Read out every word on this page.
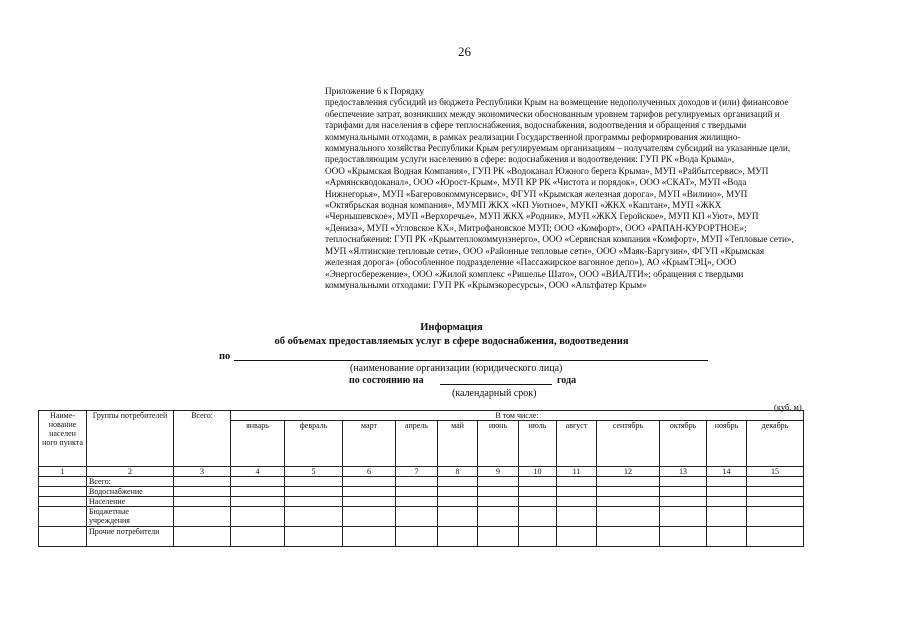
26
Приложение 6 к Порядку
предоставления субсидий из бюджета Республики Крым на возмещение недополученных доходов и (или) финансовое
обеспечение затрат, возникших между экономически обоснованным уровнем тарифов регулируемых организаций и
тарифами для населения в сфере теплоснабжения, водоснабжения, водоотведения и обращения с твердыми
коммунальными отходами, в рамках реализации Государственной программы реформирования жилищно-
коммунального хозяйства Республики Крым регулируемым организациям – получателям субсидий на указанные цели,
предоставляющим услуги населению в сфере: водоснабжения и водоотведения: ГУП РК «Вода Крыма»,
ООО «Крымская Водная Компания», ГУП РК «Водоканал Южного берега Крыма», МУП «Райбытсервис», МУП
«Армянскводоканал», ООО «Юрост-Крым», МУП КР РК «Чистота и порядок», ООО «СКАТ», МУП «Вода
Нижнегорья», МУП «Багеровокоммунсервис», ФГУП «Крымская железная дорога», МУП «Вилино», МУП
«Октябрьская водная компания», МУМП ЖКХ «КП Уютное», МУКП «ЖКХ «Каштан», МУП «ЖКХ
«Чернышевское», МУП «Верхоречье», МУП ЖКХ «Родник», МУП «ЖКХ Геройское», МУП КП «Уют», МУП
«Дениза», МУП «Угловское КХ», Митрофановское МУП; ООО «Комфорт», ООО «РАПАН-КУРОРТНОЕ»;
теплоснабжения: ГУП РК «Крымтеплокоммунэнерго», ООО «Сервисная компания «Комфорт», МУП «Тепловые сети»,
МУП «Ялтинские тепловые сети», ООО «Районные тепловые сети», ООО «Маяк-Баргузин», ФГУП «Крымская
железная дорога» (обособленное подразделение «Пассажирское вагонное депо»), АО «КрымТЭЦ», ООО
«Энергосбережение», ООО «Жилой комплекс «Ришелье Шато», ООО «ВИАЛТИ»; обращения с твердыми
коммунальными отходами: ГУП РК «Крымэкоресурсы», ООО «Альтфатер Крым»
Информация
об объемах предоставляемых услуг в сфере водоснабжения, водоотведения
по
(наименование организации (юридического лица)
по состоянию на	года
(календарный срок)
(куб. м)
Наиме-нование населен ного пункта	Группы потребителей	Всего:	В том числе:											
			январь	февраль	март	апрель	май	июнь	июль	август	сентябрь	октябрь	ноябрь	декабрь
1	2	3	4	5	6	7	8	9	10	11	12	13	14	15
	Всего:													
	Водоснабжение													
	Население													
	Бюджетные учреждения													
	Прочие потребители													
